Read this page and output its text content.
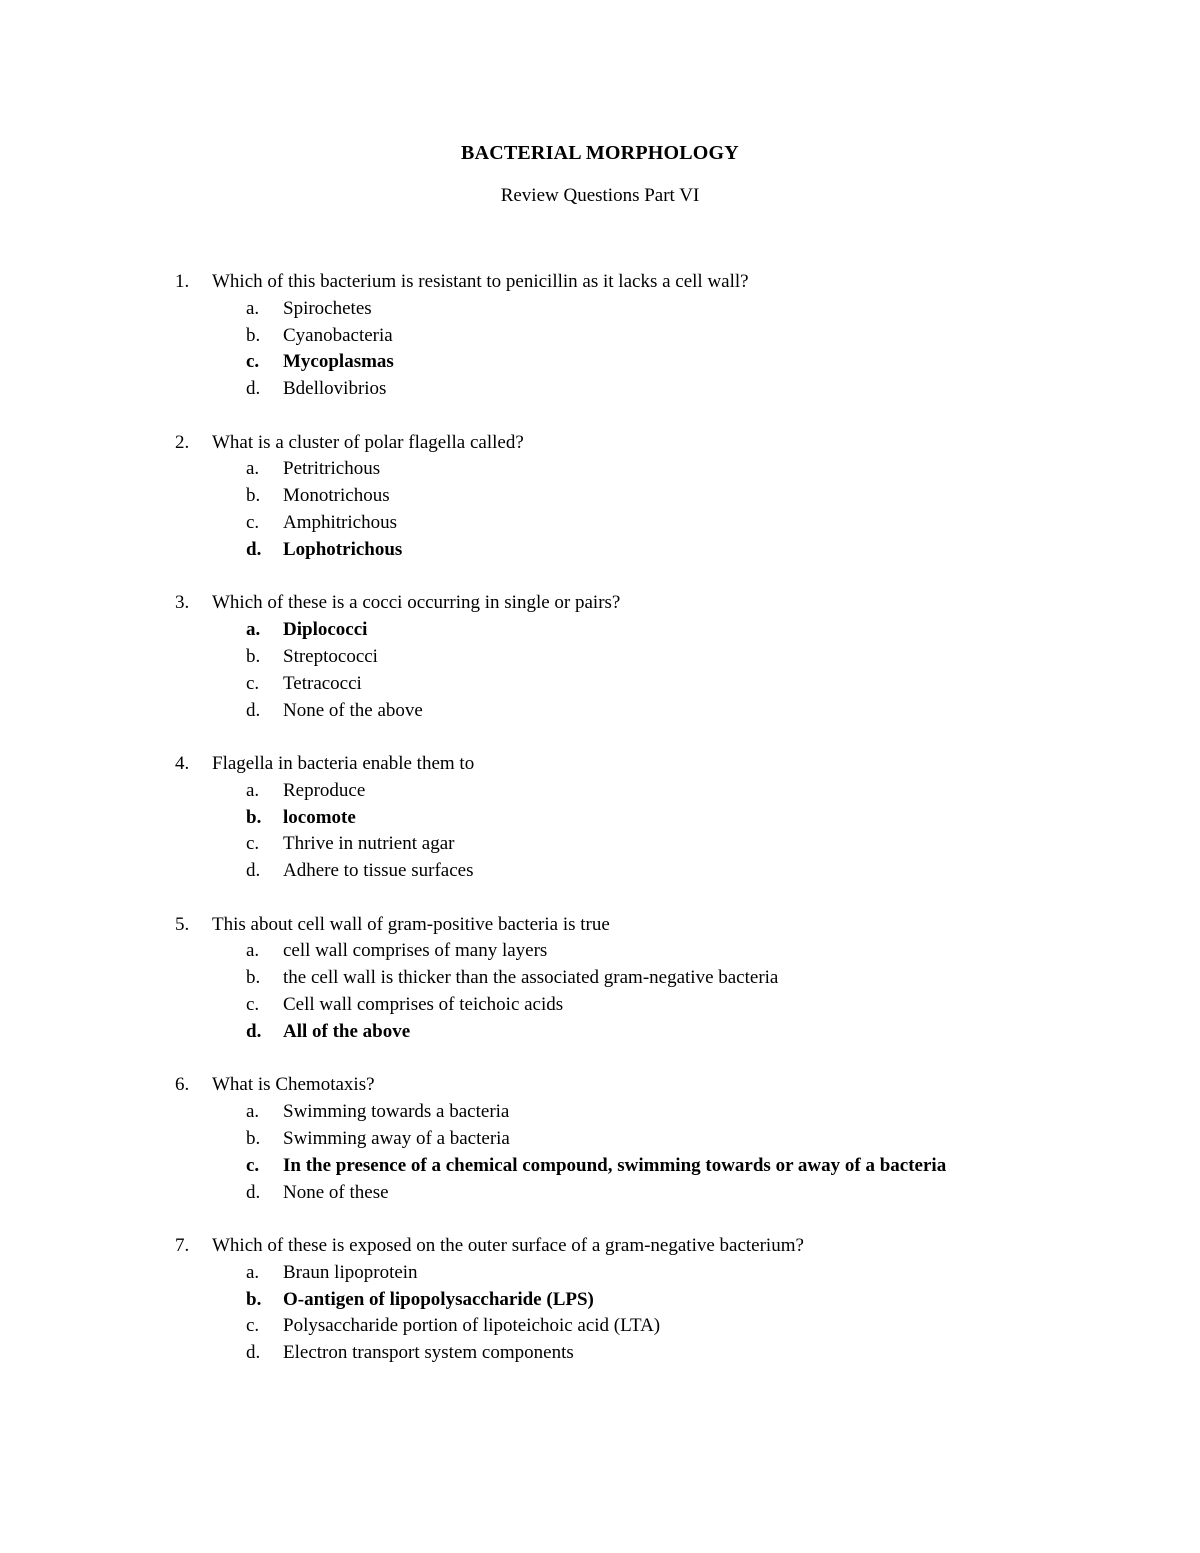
BACTERIAL MORPHOLOGY
Review Questions Part VI
1. Which of this bacterium is resistant to penicillin as it lacks a cell wall?
a. Spirochetes
b. Cyanobacteria
c. Mycoplasmas
d. Bdellovibrios
2. What is a cluster of polar flagella called?
a. Petritrichous
b. Monotrichous
c. Amphitrichous
d. Lophotrichous
3. Which of these is a cocci occurring in single or pairs?
a. Diplococci
b. Streptococci
c. Tetracocci
d. None of the above
4. Flagella in bacteria enable them to
a. Reproduce
b. locomote
c. Thrive in nutrient agar
d. Adhere to tissue surfaces
5. This about cell wall of gram-positive bacteria is true
a. cell wall comprises of many layers
b. the cell wall is thicker than the associated gram-negative bacteria
c. Cell wall comprises of teichoic acids
d. All of the above
6. What is Chemotaxis?
a. Swimming towards a bacteria
b. Swimming away of a bacteria
c. In the presence of a chemical compound, swimming towards or away of a bacteria
d. None of these
7. Which of these is exposed on the outer surface of a gram-negative bacterium?
a. Braun lipoprotein
b. O-antigen of lipopolysaccharide (LPS)
c. Polysaccharide portion of lipoteichoic acid (LTA)
d. Electron transport system components
